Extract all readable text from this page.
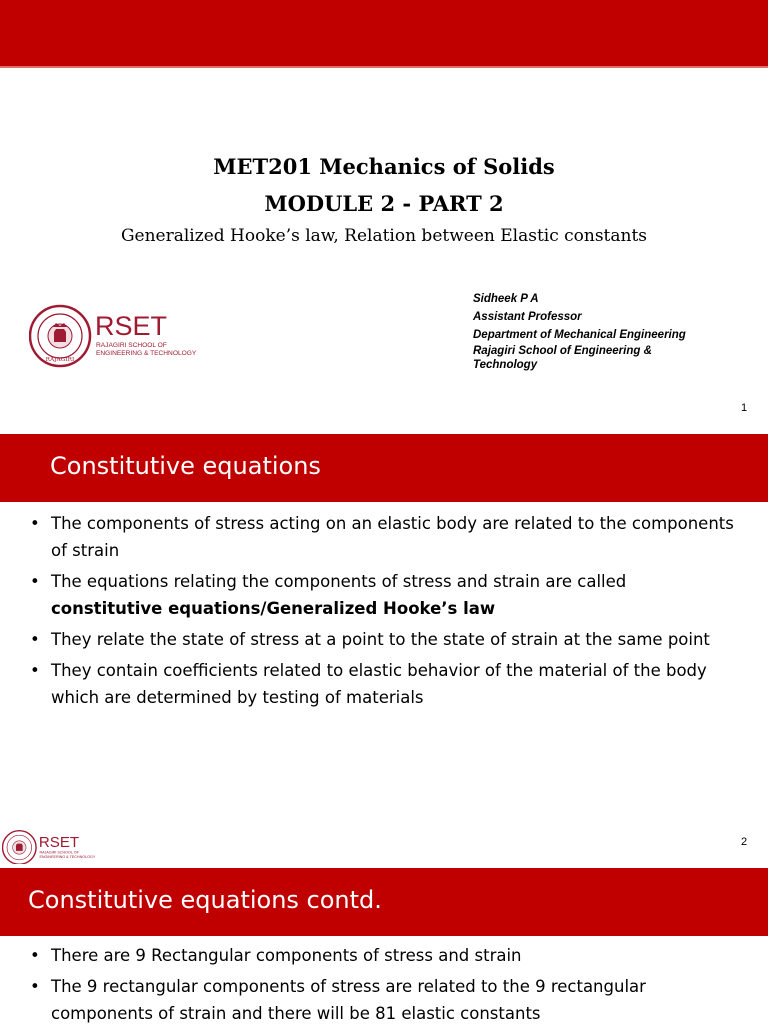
MET201 Mechanics of Solids
MODULE 2 - PART 2
Generalized Hooke’s law, Relation between Elastic constants
RAJAGIRI
RSET
RAJAGIRI SCHOOL OF
ENGINEERING & TECHNOLOGY
Sidheek P A
Assistant Professor
Department of Mechanical Engineering
Rajagiri School of Engineering &
Technology
1
Constitutive equations
• The components of stress acting on an elastic body are related to the components of strain
• The equations relating the components of stress and strain are called
constitutive equations/Generalized Hooke’s law
• They relate the state of stress at a point to the state of strain at the same point
• They contain coefficients related to elastic behavior of the material of the body which are determined by testing of materials
2
RSET
RAJAGIRI SCHOOL OF
ENGINEERING & TECHNOLOGY
Constitutive equations contd.
• There are 9 Rectangular components of stress and strain
• The 9 rectangular components of stress are related to the 9 rectangular components of strain and there will be 81 elastic constants
